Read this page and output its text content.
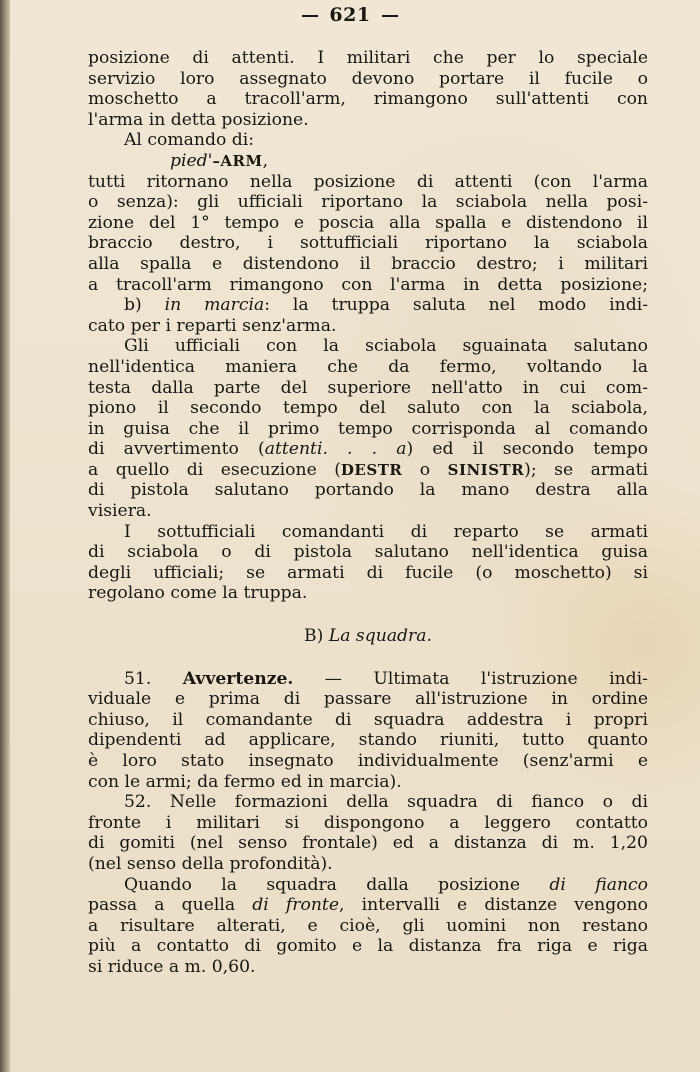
621
posizione di attenti. I militari che per lo speciale
servizio loro assegnato devono portare il fucile o
moschetto a tracoll'arm, rimangono sull'attenti con
l'arma in detta posizione.
Al comando di:
pied'–ARM,
tutti ritornano nella posizione di attenti (con l'arma
o senza): gli ufficiali riportano la sciabola nella posi-
zione del 1° tempo e poscia alla spalla e distendono il
braccio destro, i sottufficiali riportano la sciabola
alla spalla e distendono il braccio destro; i militari
a tracoll'arm rimangono con l'arma in detta posizione;
b) in marcia: la truppa saluta nel modo indi-
cato per i reparti senz'arma.
Gli ufficiali con la sciabola sguainata salutano
nell'identica maniera che da fermo, voltando la
testa dalla parte del superiore nell'atto in cui com-
piono il secondo tempo del saluto con la sciabola,
in guisa che il primo tempo corrisponda al comando
di avvertimento (attenti. . . a) ed il secondo tempo
a quello di esecuzione (DESTR o SINISTR); se armati
di pistola salutano portando la mano destra alla
visiera.
I sottufficiali comandanti di reparto se armati
di sciabola o di pistola salutano nell'identica guisa
degli ufficiali; se armati di fucile (o moschetto) si
regolano come la truppa.
B) La squadra.
51. Avvertenze. — Ultimata l'istruzione indi-
viduale e prima di passare all'istruzione in ordine
chiuso, il comandante di squadra addestra i propri
dipendenti ad applicare, stando riuniti, tutto quanto
è loro stato insegnato individualmente (senz'armi e
con le armi; da fermo ed in marcia).
52. Nelle formazioni della squadra di fianco o di
fronte i militari si dispongono a leggero contatto
di gomiti (nel senso frontale) ed a distanza di m. 1,20
(nel senso della profondità).
Quando la squadra dalla posizione di fianco
passa a quella di fronte, intervalli e distanze vengono
a risultare alterati, e cioè, gli uomini non restano
più a contatto di gomito e la distanza fra riga e riga
si riduce a m. 0,60.
